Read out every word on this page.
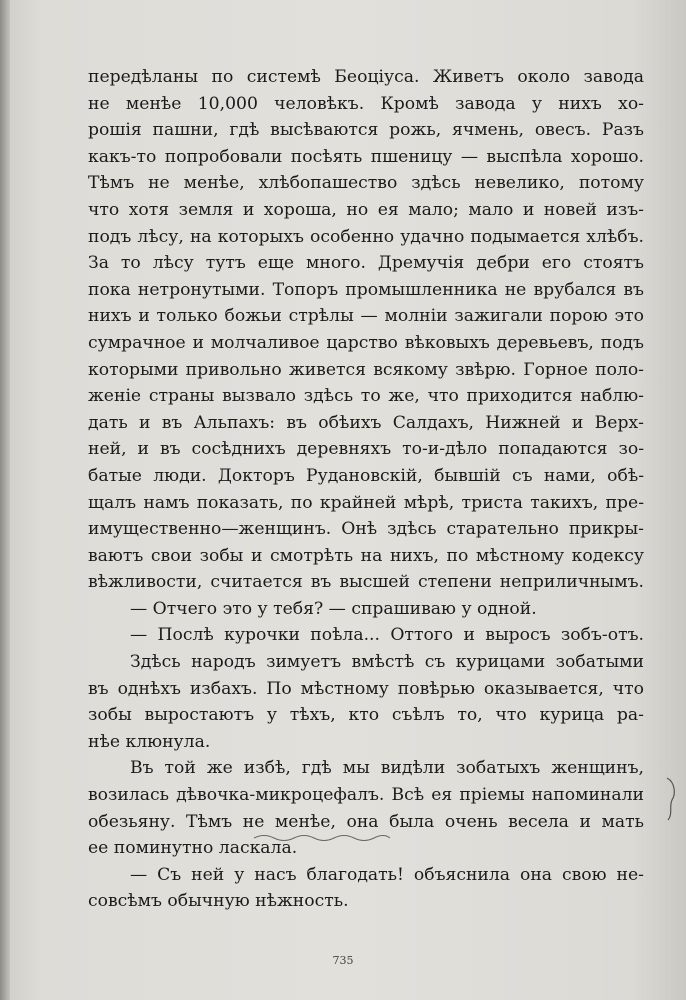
передѣланы по системѣ Беоціуса. Живетъ около завода
не менѣе 10,000 человѣкъ. Кромѣ завода у нихъ хо-
рошія пашни, гдѣ высѣваются рожь, ячмень, овесъ. Разъ
какъ-то попробовали посѣять пшеницу — выспѣла хорошо.
Тѣмъ не менѣе, хлѣбопашество здѣсь невелико, потому
что хотя земля и хороша, но ея мало; мало и новей изъ-
подъ лѣсу, на которыхъ особенно удачно подымается хлѣбъ.
За то лѣсу тутъ еще много. Дремучія дебри его стоятъ
пока нетронутыми. Топоръ промышленника не врубался въ
нихъ и только божьи стрѣлы — молніи зажигали порою это
сумрачное и молчаливое царство вѣковыхъ деревьевъ, подъ
которыми привольно живется всякому звѣрю. Горное поло-
женіе страны вызвало здѣсь то же, что приходится наблю-
дать и въ Альпахъ: въ обѣихъ Салдахъ, Нижней и Верх-
ней, и въ сосѣднихъ деревняхъ то-и-дѣло попадаются зо-
батые люди. Докторъ Рудановскій, бывшій съ нами, обѣ-
щалъ намъ показать, по крайней мѣрѣ, триста такихъ, пре-
имущественно—женщинъ. Онѣ здѣсь старательно прикры-
ваютъ свои зобы и смотрѣть на нихъ, по мѣстному кодексу
вѣжливости, считается въ высшей степени неприличнымъ.
— Отчего это у тебя? — спрашиваю у одной.
— Послѣ курочки поѣла... Оттого и выросъ зобъ-отъ.
Здѣсь народъ зимуетъ вмѣстѣ съ курицами зобатыми
въ однѣхъ избахъ. По мѣстному повѣрью оказывается, что
зобы выростаютъ у тѣхъ, кто съѣлъ то, что курица ра-
нѣе клюнула.
Въ той же избѣ, гдѣ мы видѣли зобатыхъ женщинъ,
возилась дѣвочка-микроцефалъ. Всѣ ея пріемы напоминали
обезьяну. Тѣмъ не менѣе, она была очень весела и мать
ее поминутно ласкала.
— Съ ней у насъ благодать! объяснила она свою не-
совсѣмъ обычную нѣжность.
735
